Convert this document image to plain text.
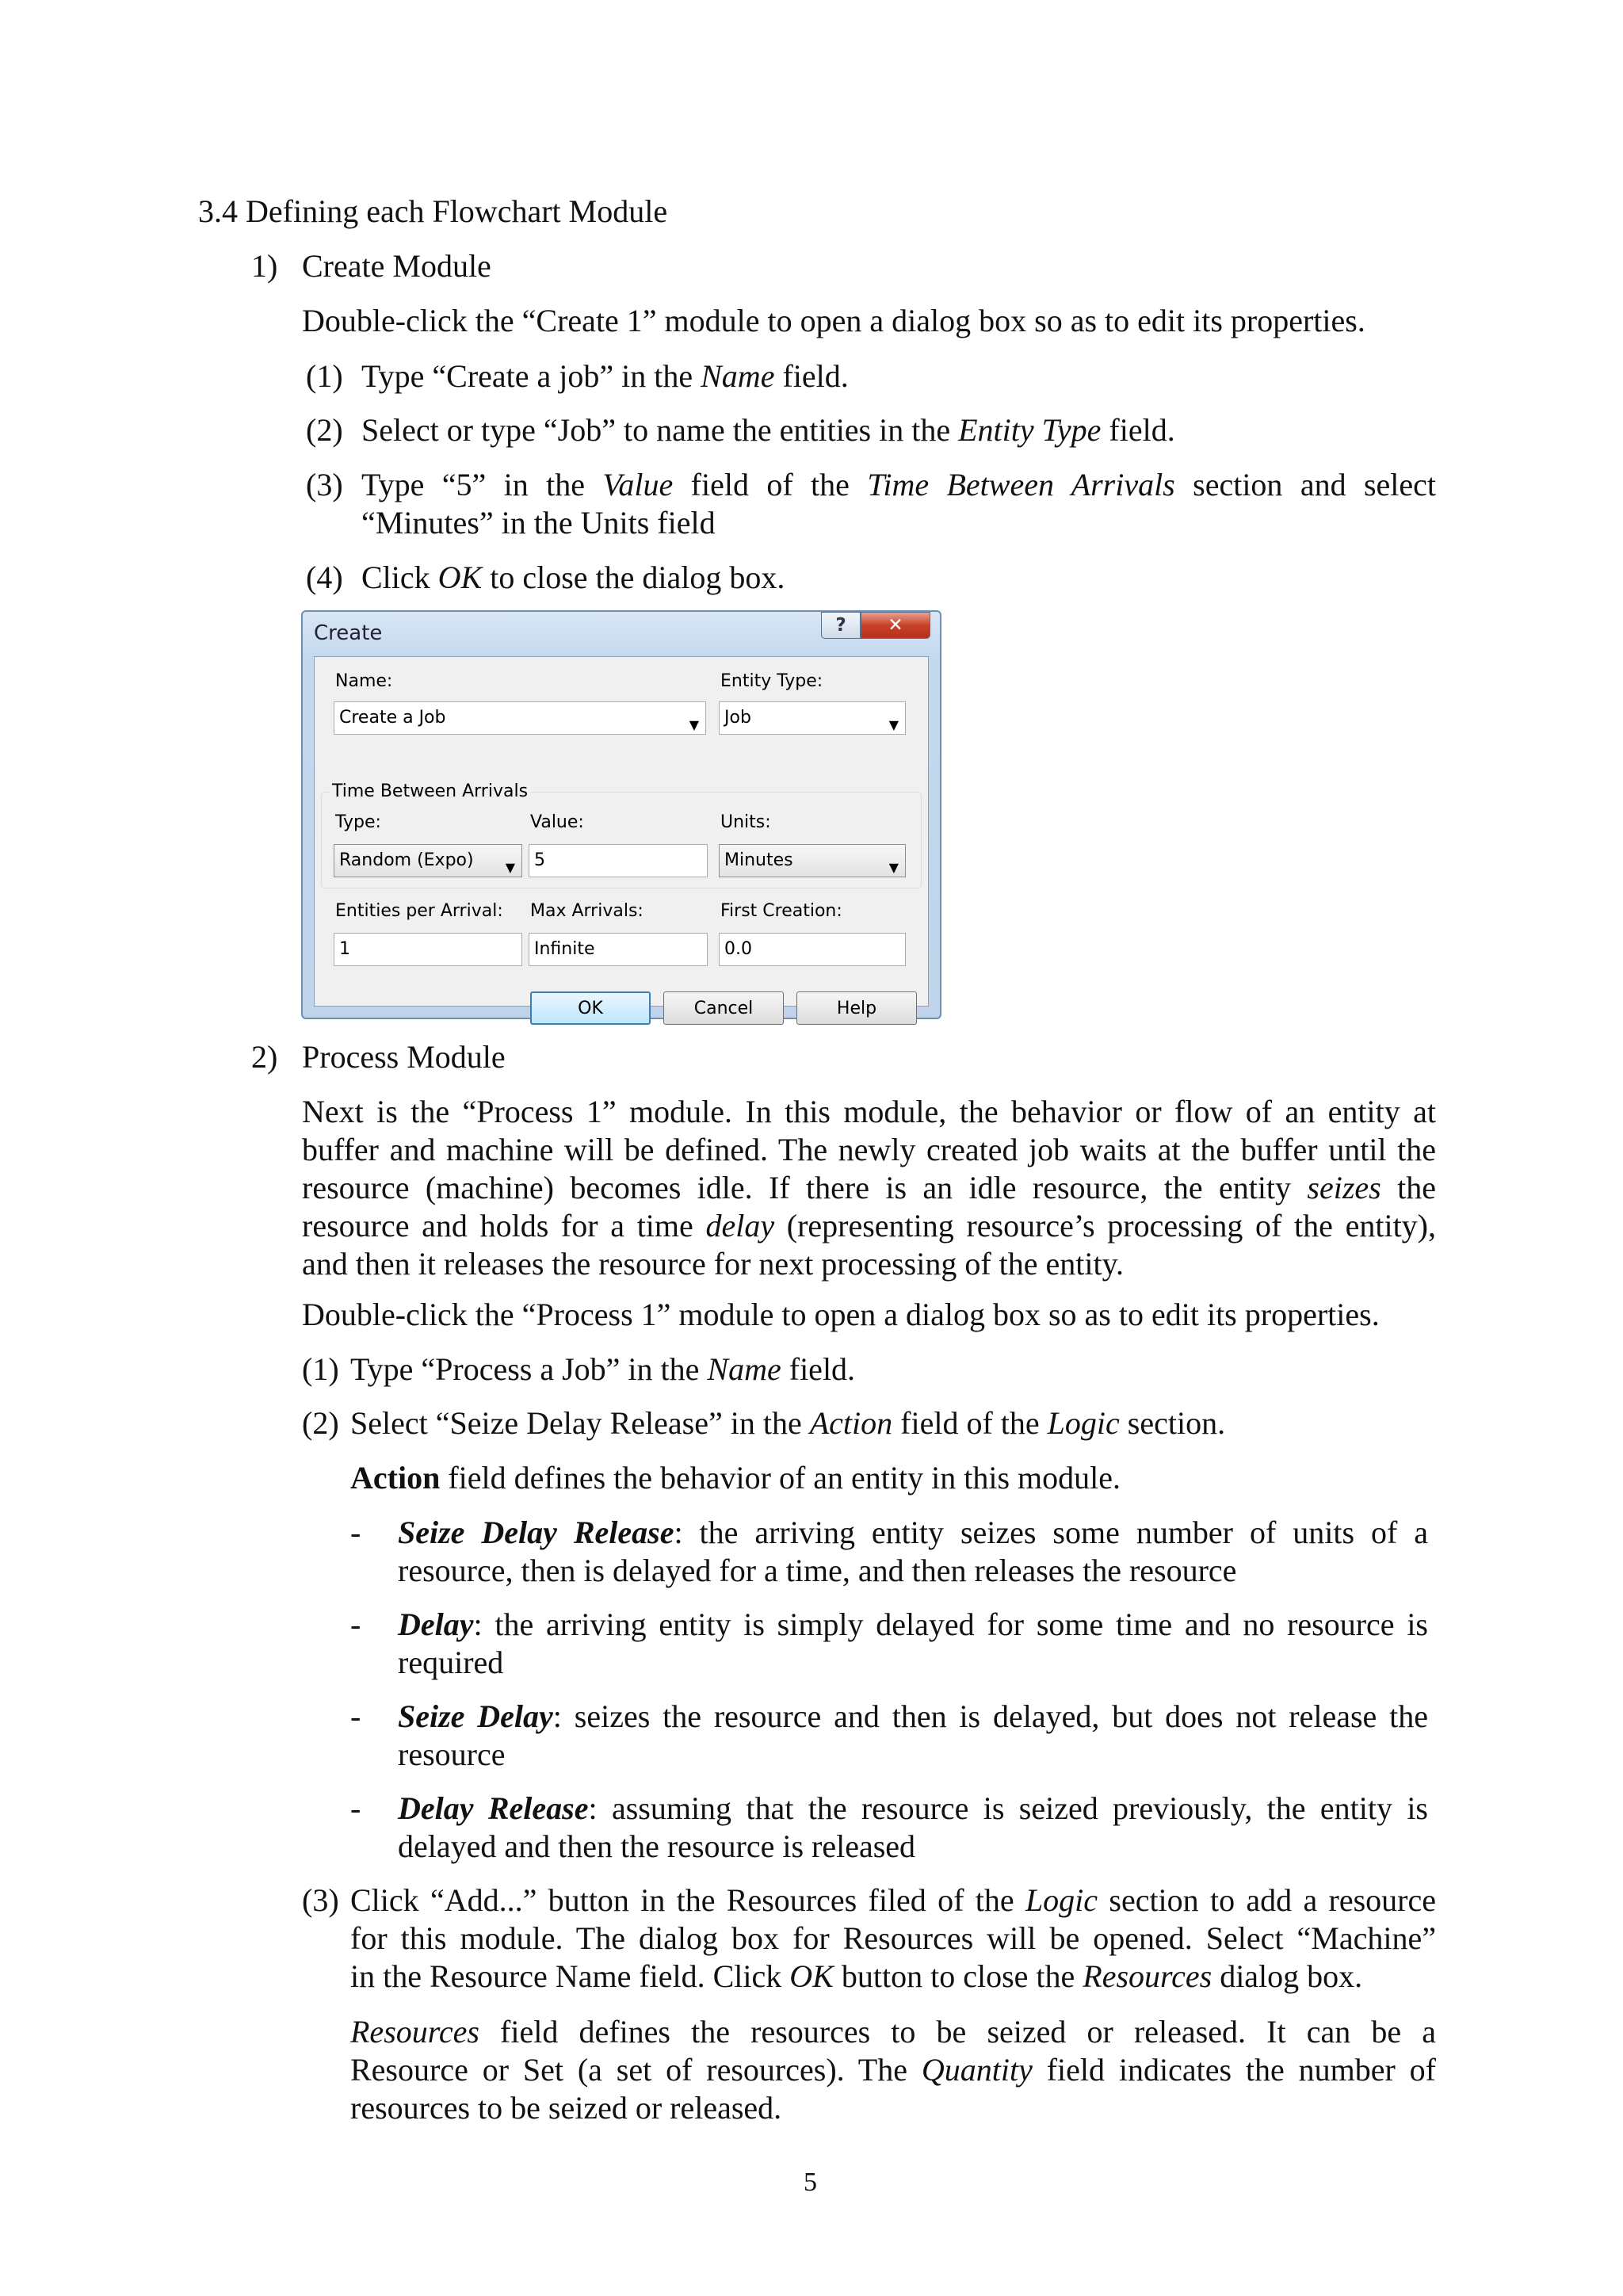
3.4 Defining each Flowchart Module
1) Create Module
Double-click the “Create 1” module to open a dialog box so as to edit its properties.
(1) Type “Create a job” in the Name field.
(2) Select or type “Job” to name the entities in the Entity Type field.
(3) Type “5” in the Value field of the Time Between Arrivals section and select
“Minutes” in the Units field
(4) Click OK to close the dialog box.
Create	?	✕
Name:
Create a Job	▼
Entity Type:
Job	▼
Time Between Arrivals
Type:
Random (Expo)	▼
Value:
5
Units:
Minutes	▼
Entities per Arrival:
1
Max Arrivals:
Infinite
First Creation:
0.0
OK	Cancel	Help
2) Process Module
Next is the “Process 1” module. In this module, the behavior or flow of an entity at
buffer and machine will be defined. The newly created job waits at the buffer until the
resource (machine) becomes idle. If there is an idle resource, the entity seizes the
resource and holds for a time delay (representing resource’s processing of the entity),
and then it releases the resource for next processing of the entity.
Double-click the “Process 1” module to open a dialog box so as to edit its properties.
(1) Type “Process a Job” in the Name field.
(2) Select “Seize Delay Release” in the Action field of the Logic section.
Action field defines the behavior of an entity in this module.
- Seize Delay Release: the arriving entity seizes some number of units of a
resource, then is delayed for a time, and then releases the resource
- Delay: the arriving entity is simply delayed for some time and no resource is
required
- Seize Delay: seizes the resource and then is delayed, but does not release the
resource
- Delay Release: assuming that the resource is seized previously, the entity is
delayed and then the resource is released
(3) Click “Add...” button in the Resources filed of the Logic section to add a resource
for this module. The dialog box for Resources will be opened. Select “Machine”
in the Resource Name field. Click OK button to close the Resources dialog box.
Resources field defines the resources to be seized or released. It can be a
Resource or Set (a set of resources). The Quantity field indicates the number of
resources to be seized or released.
5
